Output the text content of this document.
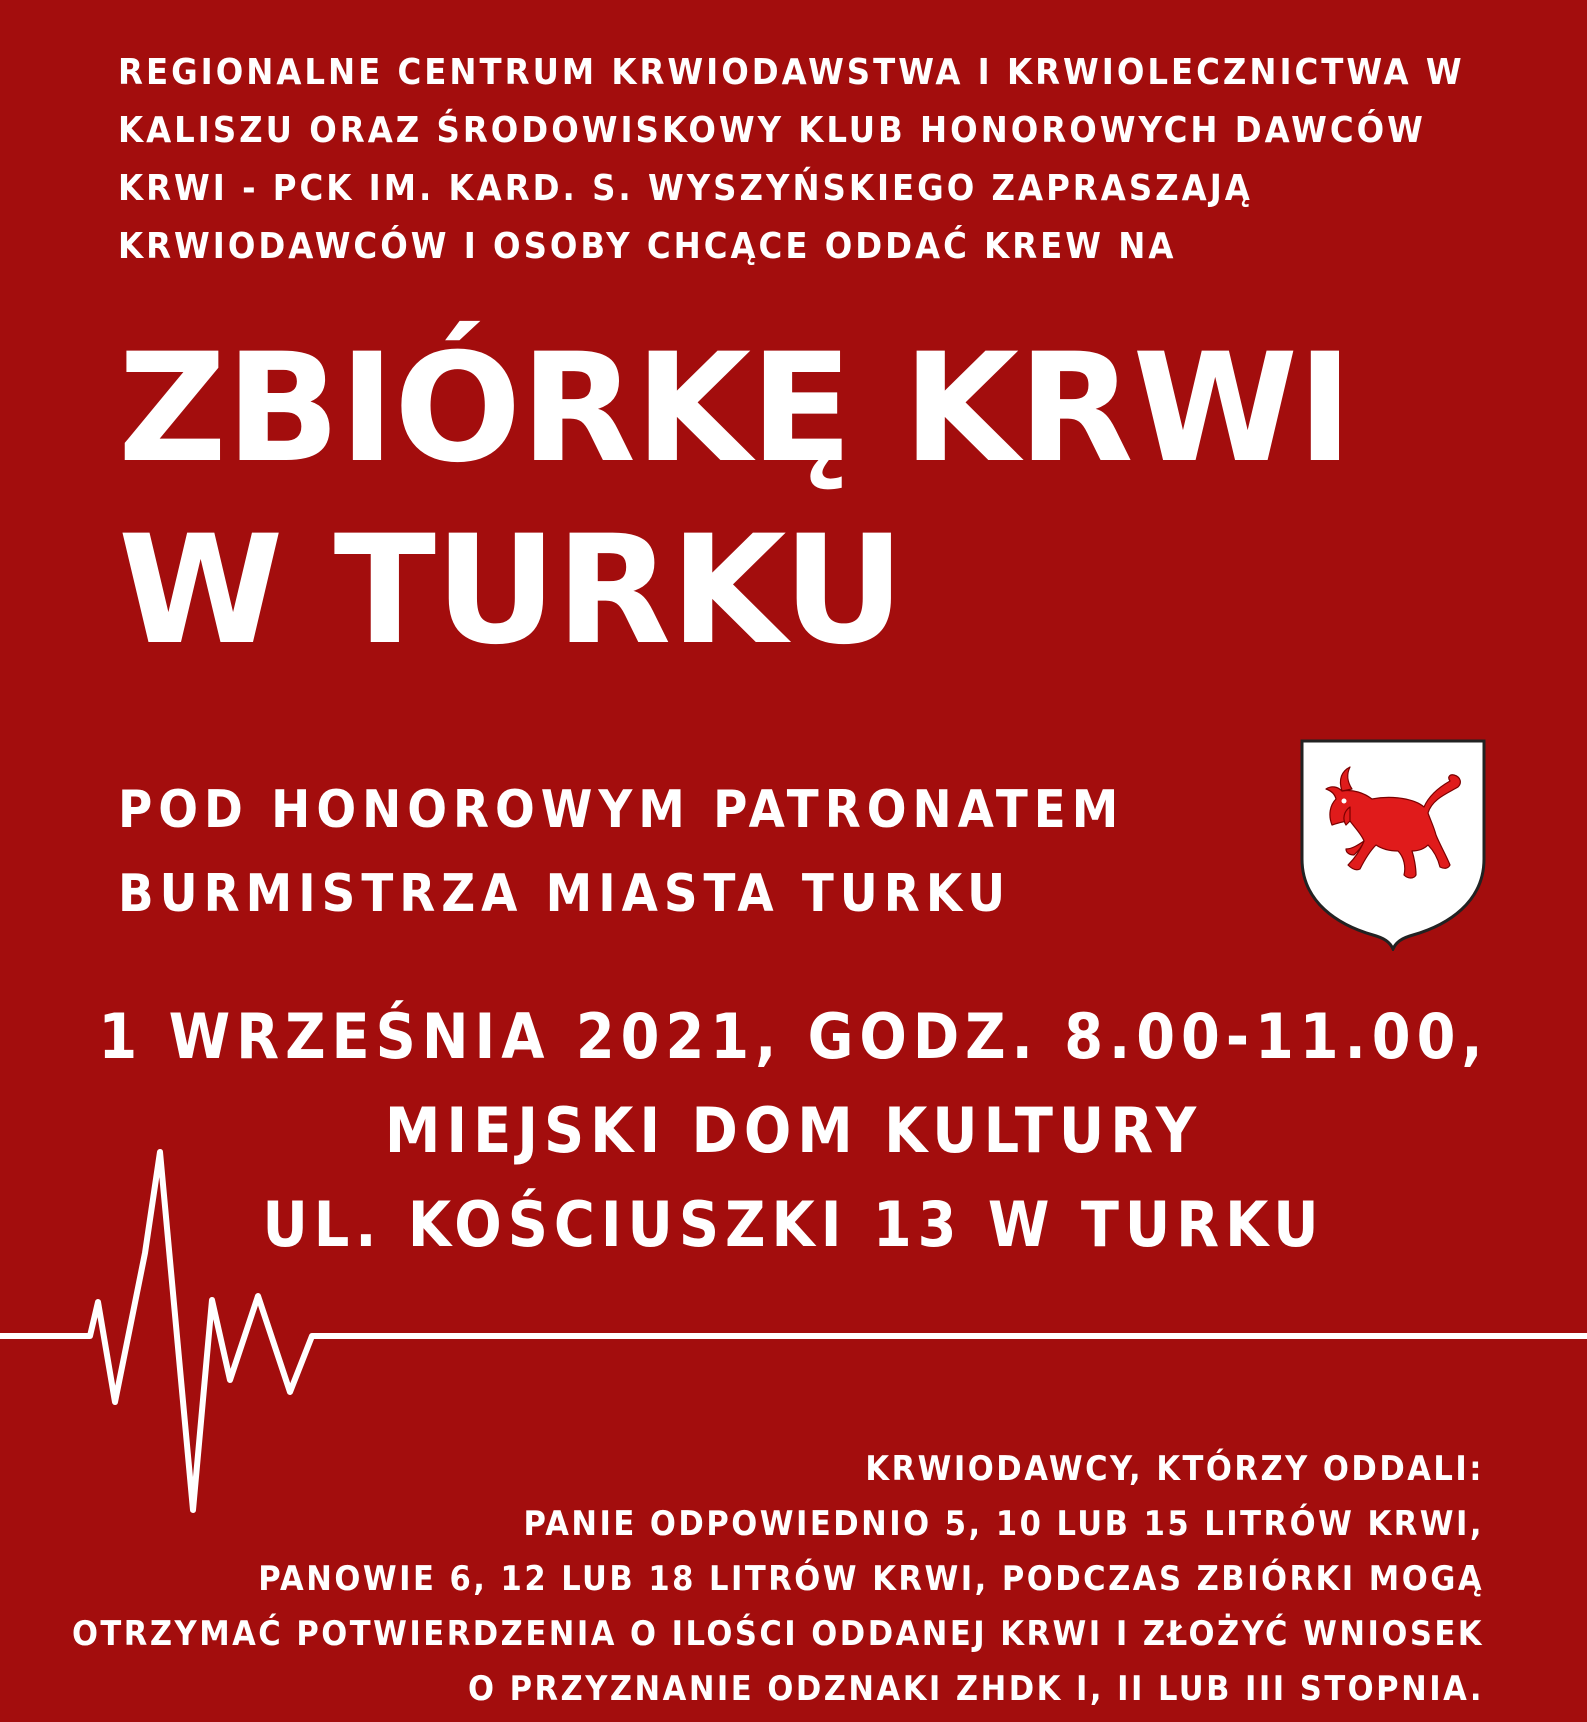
REGIONALNE CENTRUM KRWIODAWSTWA I KRWIOLECZNICTWA W
KALISZU ORAZ ŚRODOWISKOWY KLUB HONOROWYCH DAWCÓW
KRWI - PCK IM. KARD. S. WYSZYŃSKIEGO ZAPRASZAJĄ
KRWIODAWCÓW I OSOBY CHCĄCE ODDAĆ KREW NA

ZBIÓRKĘ KRWI
W TURKU

POD HONOROWYM PATRONATEM
BURMISTRZA MIASTA TURKU

1 WRZEŚNIA 2021, GODZ. 8.00-11.00,
MIEJSKI DOM KULTURY
UL. KOŚCIUSZKI 13 W TURKU

KRWIODAWCY, KTÓRZY ODDALI:
PANIE ODPOWIEDNIO 5, 10 LUB 15 LITRÓW KRWI,
PANOWIE 6, 12 LUB 18 LITRÓW KRWI, PODCZAS ZBIÓRKI MOGĄ
OTRZYMAĆ POTWIERDZENIA O ILOŚCI ODDANEJ KRWI I ZŁOŻYĆ WNIOSEK
O PRZYZNANIE ODZNAKI ZHDK I, II LUB III STOPNIA.
